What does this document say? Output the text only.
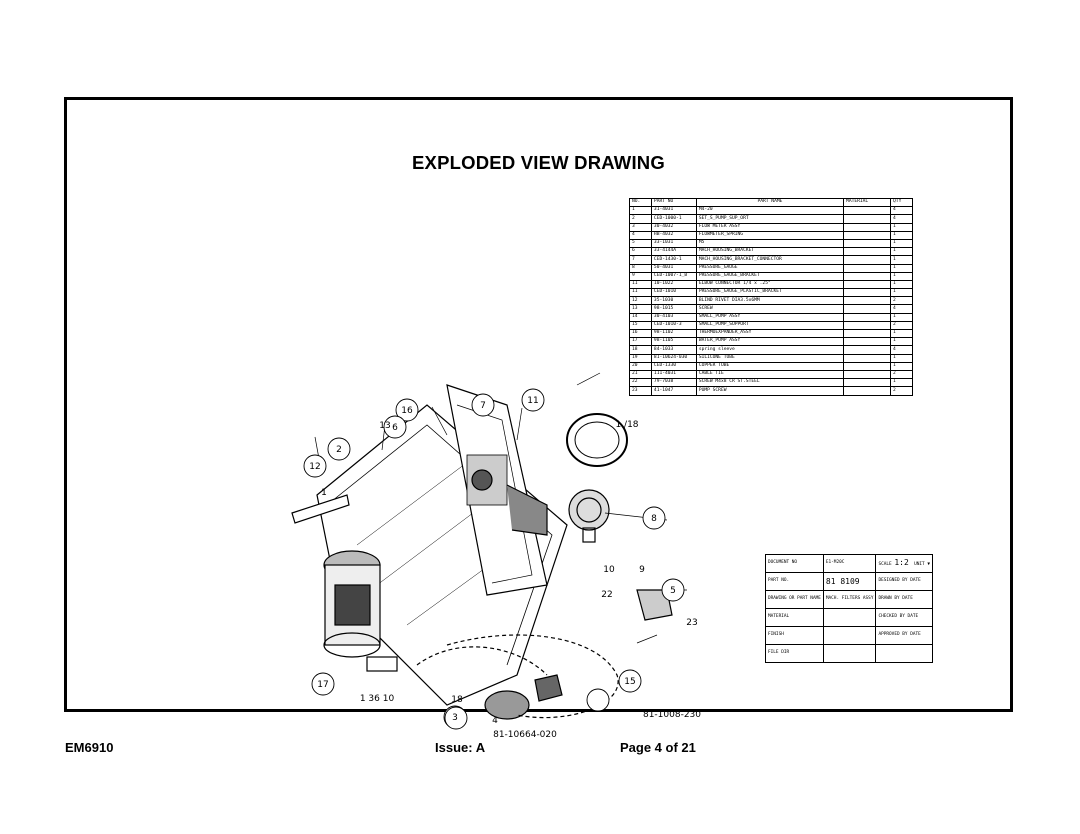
EXPLODED VIEW DRAWING
16	7	11
6
2
12
8
5
17
3
15
13
18
4
10
22
23
9
1
1 /18
81-1008-230
81-10664-020
1 36 10
NO.	PART NO	PART NAME	MATERIAL	QTY
1	31-4031	M4-20		4
2	CED-1000-1	SET_S_PUMP_SUP_ORT		4
3	30-4032	FLOW METER ASSY		1
4	HB-4032	FLOWMETER_SPRING		1
5	33-1031	M5		1
6	33-4144A	MACH_HOUSING_BRACKET		1
7	CED-1430-1	MACH_HOUSING_BRACKET_CONNECTOR		1
8	50-4031	PRESSURE_GAUGE		1
9	CED-1007-1_B	PRESSURE_GAUGE_BRACKET		1
11	10-1022	ELBOW CONNECTOR 1/4 x .25"		1
11	CED-1010	PRESSURE_GAUGE_PLASTIC_BRACKET		1
12	35-1030	BLIND RIVET DIA3.5x6MM		2
13	98-1015	SCREW		4
14	30-4103	SMALL_PUMP ASSY		1
15	CED-1010-3	SMALL_PUMP_SUPPORT		2
16	98-1102	THERMOEXPANDER_ASSY		1
17	98-1105	WATER_PUMP ASSY		1
18	84-1033	spring sleeve		4
19	81-10624-030	SILICONE TUBE		1
20	CED-1330	COPPER TUBE		1
21	111-4031	CABLE TIE		2
22	79-7038	SCREW M4x8 CR ST.STEEL		1
23	41-1047	PUMP SCREW		2
DOCUMENT NO	E1-M20C	SCALE 1:2 UNIT ▼
PART NO.	81 8109	DESIGNED BY DATE
DRAWING OR PART NAME	MACH. FILTERS ASSY	DRAWN BY DATE
MATERIAL		CHECKED BY DATE
FINISH		APPROVED BY DATE
FILE DIR		
EM6910	Issue: A	Page 4 of 21
